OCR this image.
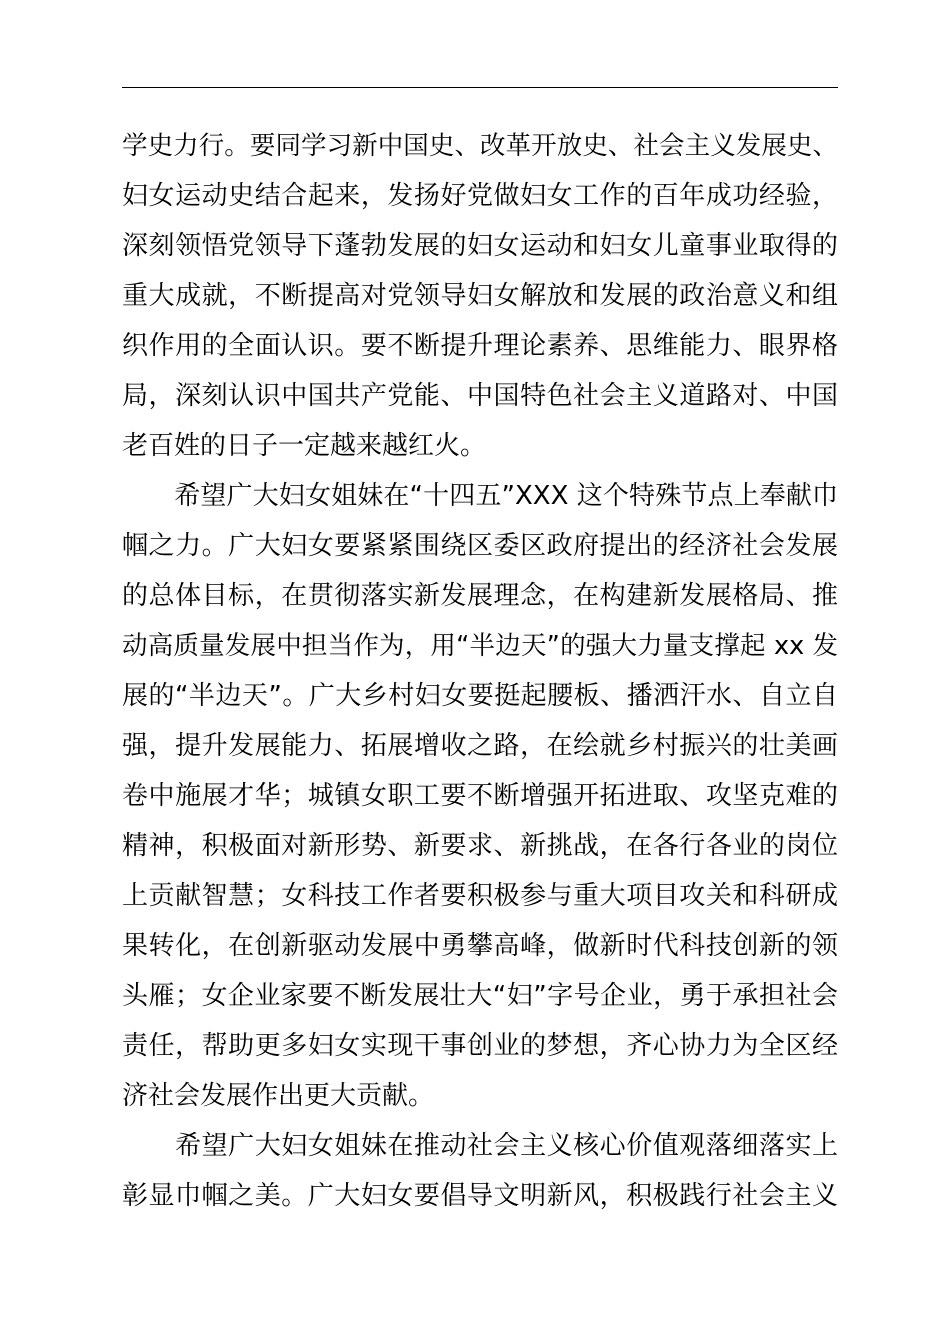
学史力行。要同学习新中国史、改革开放史、社会主义发展史、
妇女运动史结合起来，发扬好党做妇女工作的百年成功经验，
深刻领悟党领导下蓬勃发展的妇女运动和妇女儿童事业取得的
重大成就，不断提高对党领导妇女解放和发展的政治意义和组
织作用的全面认识。要不断提升理论素养、思维能力、眼界格
局，深刻认识中国共产党能、中国特色社会主义道路对、中国
老百姓的日子一定越来越红火。
　　希望广大妇女姐妹在“十四五”XXX 这个特殊节点上奉献巾
帼之力。广大妇女要紧紧围绕区委区政府提出的经济社会发展
的总体目标，在贯彻落实新发展理念，在构建新发展格局、推
动高质量发展中担当作为，用“半边天”的强大力量支撑起 xx 发
展的“半边天”。广大乡村妇女要挺起腰板、播洒汗水、自立自
强，提升发展能力、拓展增收之路，在绘就乡村振兴的壮美画
卷中施展才华；城镇女职工要不断增强开拓进取、攻坚克难的
精神，积极面对新形势、新要求、新挑战，在各行各业的岗位
上贡献智慧；女科技工作者要积极参与重大项目攻关和科研成
果转化，在创新驱动发展中勇攀高峰，做新时代科技创新的领
头雁；女企业家要不断发展壮大“妇”字号企业，勇于承担社会
责任，帮助更多妇女实现干事创业的梦想，齐心协力为全区经
济社会发展作出更大贡献。
　　希望广大妇女姐妹在推动社会主义核心价值观落细落实上
彰显巾帼之美。广大妇女要倡导文明新风，积极践行社会主义
